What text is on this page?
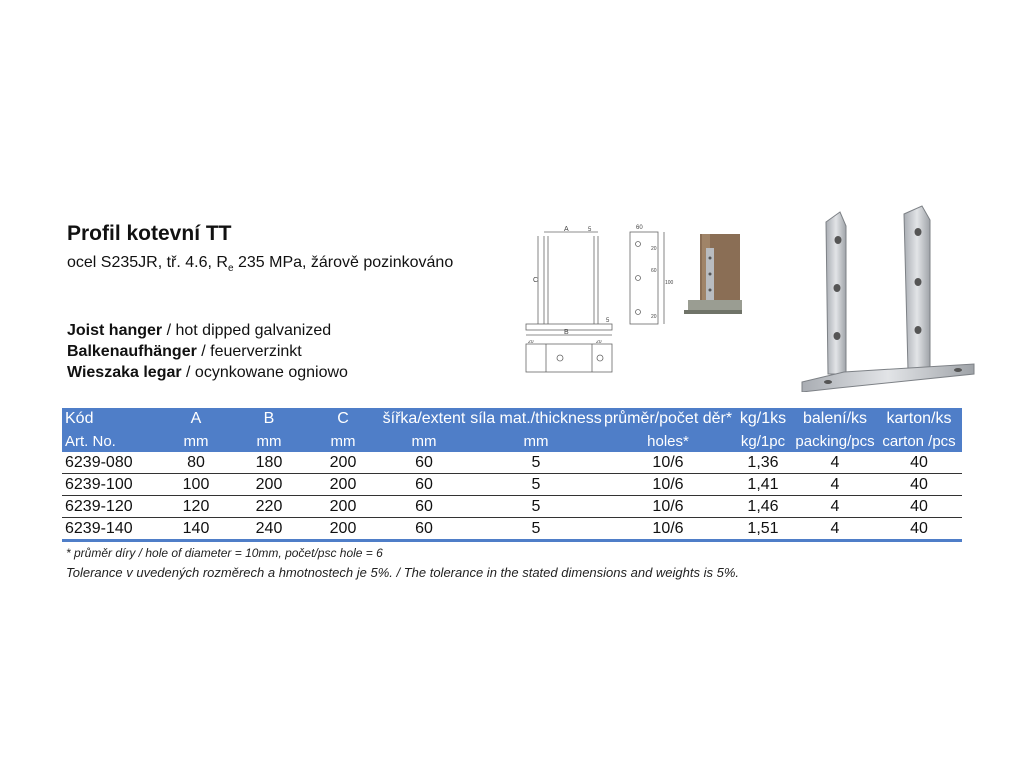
Profil kotevní TT
ocel S235JR, tř. 4.6, $R_e$ 235 MPa, žárově pozinkováno
Joist hanger / hot dipped galvanized
Balkenaufhänger / feuerverzinkt
Wieszaka legar / ocynkowane ogniowo
A	5
C
B
5
20	20
60
20
60
100
20
Kód	A	B	C	šířka/extent	síla mat./thickness	průměr/počet děr*	kg/1ks	balení/ks	karton/ks
Art. No.	mm	mm	mm	mm	mm	holes*	kg/1pc	packing/pcs	carton /pcs
6239-080	80	180	200	60	5	10/6	1,36	4	40
6239-100	100	200	200	60	5	10/6	1,41	4	40
6239-120	120	220	200	60	5	10/6	1,46	4	40
6239-140	140	240	200	60	5	10/6	1,51	4	40
* průměr díry / hole of diameter = 10mm, počet/psc hole = 6
Tolerance v uvedených rozměrech a hmotnostech je 5%. / The tolerance in the stated dimensions and weights is 5%.
